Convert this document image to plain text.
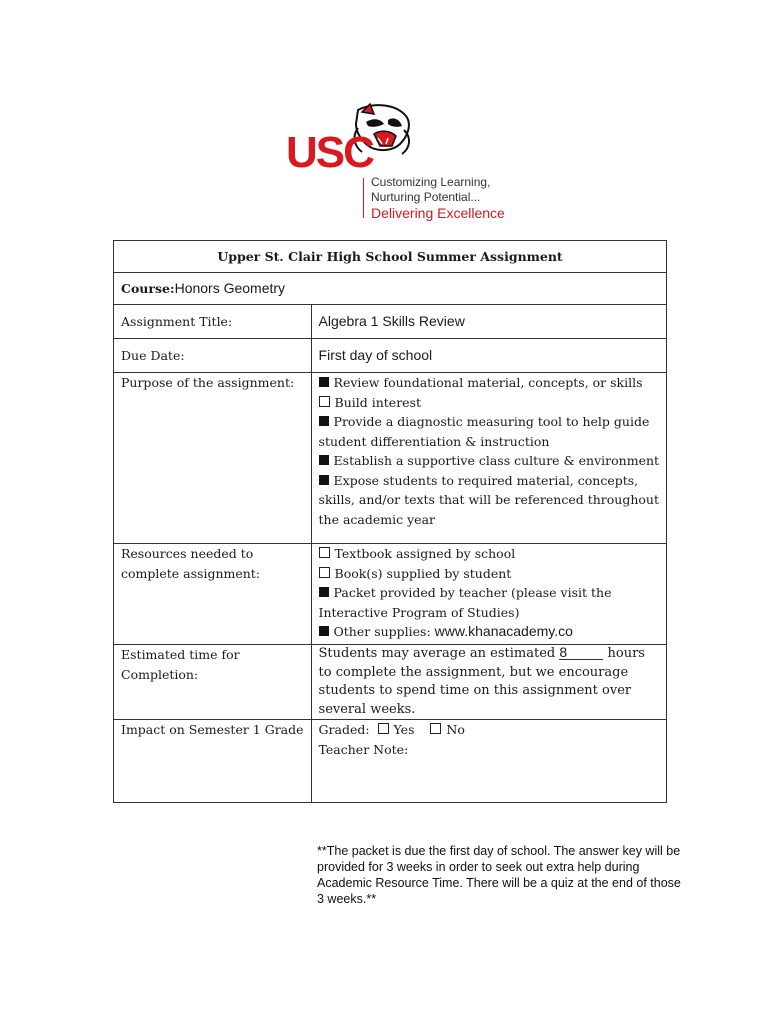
USC
Customizing Learning,
Nurturing Potential...
Delivering Excellence
Upper St. Clair High School Summer Assignment	
Course:Honors Geometry	
Assignment Title:	Algebra 1 Skills Review
Due Date:	First day of school
Purpose of the assignment:	Review foundational material, concepts, or skills
Build interest
Provide a diagnostic measuring tool to help guide student differentiation & instruction
Establish a supportive class culture & environment
Expose students to required material, concepts, skills, and/or texts that will be referenced throughout the academic year

Resources needed to complete assignment:	Textbook assigned by school
Book(s) supplied by student
Packet provided by teacher (please visit the Interactive Program of Studies)
Other supplies: www.khanacademy.co

Estimated time for Completion:	Students may average an estimated 8 hours to complete the assignment, but we encourage students to spend time on this assignment over several weeks.
Impact on Semester 1 Grade	Graded: Yes No
Teacher Note:
**The packet is due the first day of school. The answer key will be provided for 3 weeks in order to seek out extra help during Academic Resource Time. There will be a quiz at the end of those 3 weeks.**
